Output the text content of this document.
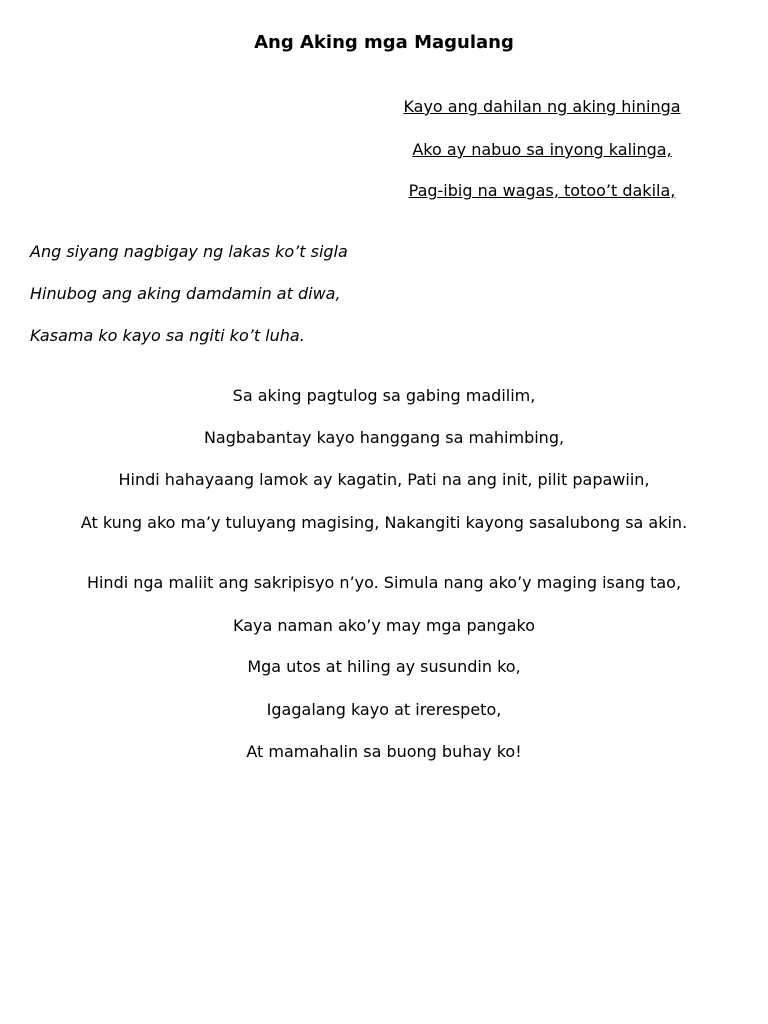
Ang Aking mga Magulang
Kayo ang dahilan ng aking hininga
Ako ay nabuo sa inyong kalinga,
Pag-ibig na wagas, totoo’t dakila,
Ang siyang nagbigay ng lakas ko’t sigla
Hinubog ang aking damdamin at diwa,
Kasama ko kayo sa ngiti ko’t luha.
Sa aking pagtulog sa gabing madilim,
Nagbabantay kayo hanggang sa mahimbing,
Hindi hahayaang lamok ay kagatin, Pati na ang init, pilit papawiin,
At kung ako ma’y tuluyang magising, Nakangiti kayong sasalubong sa akin.
Hindi nga maliit ang sakripisyo n’yo. Simula nang ako’y maging isang tao,
Kaya naman ako’y may mga pangako
Mga utos at hiling ay susundin ko,
Igagalang kayo at irerespeto,
At mamahalin sa buong buhay ko!
